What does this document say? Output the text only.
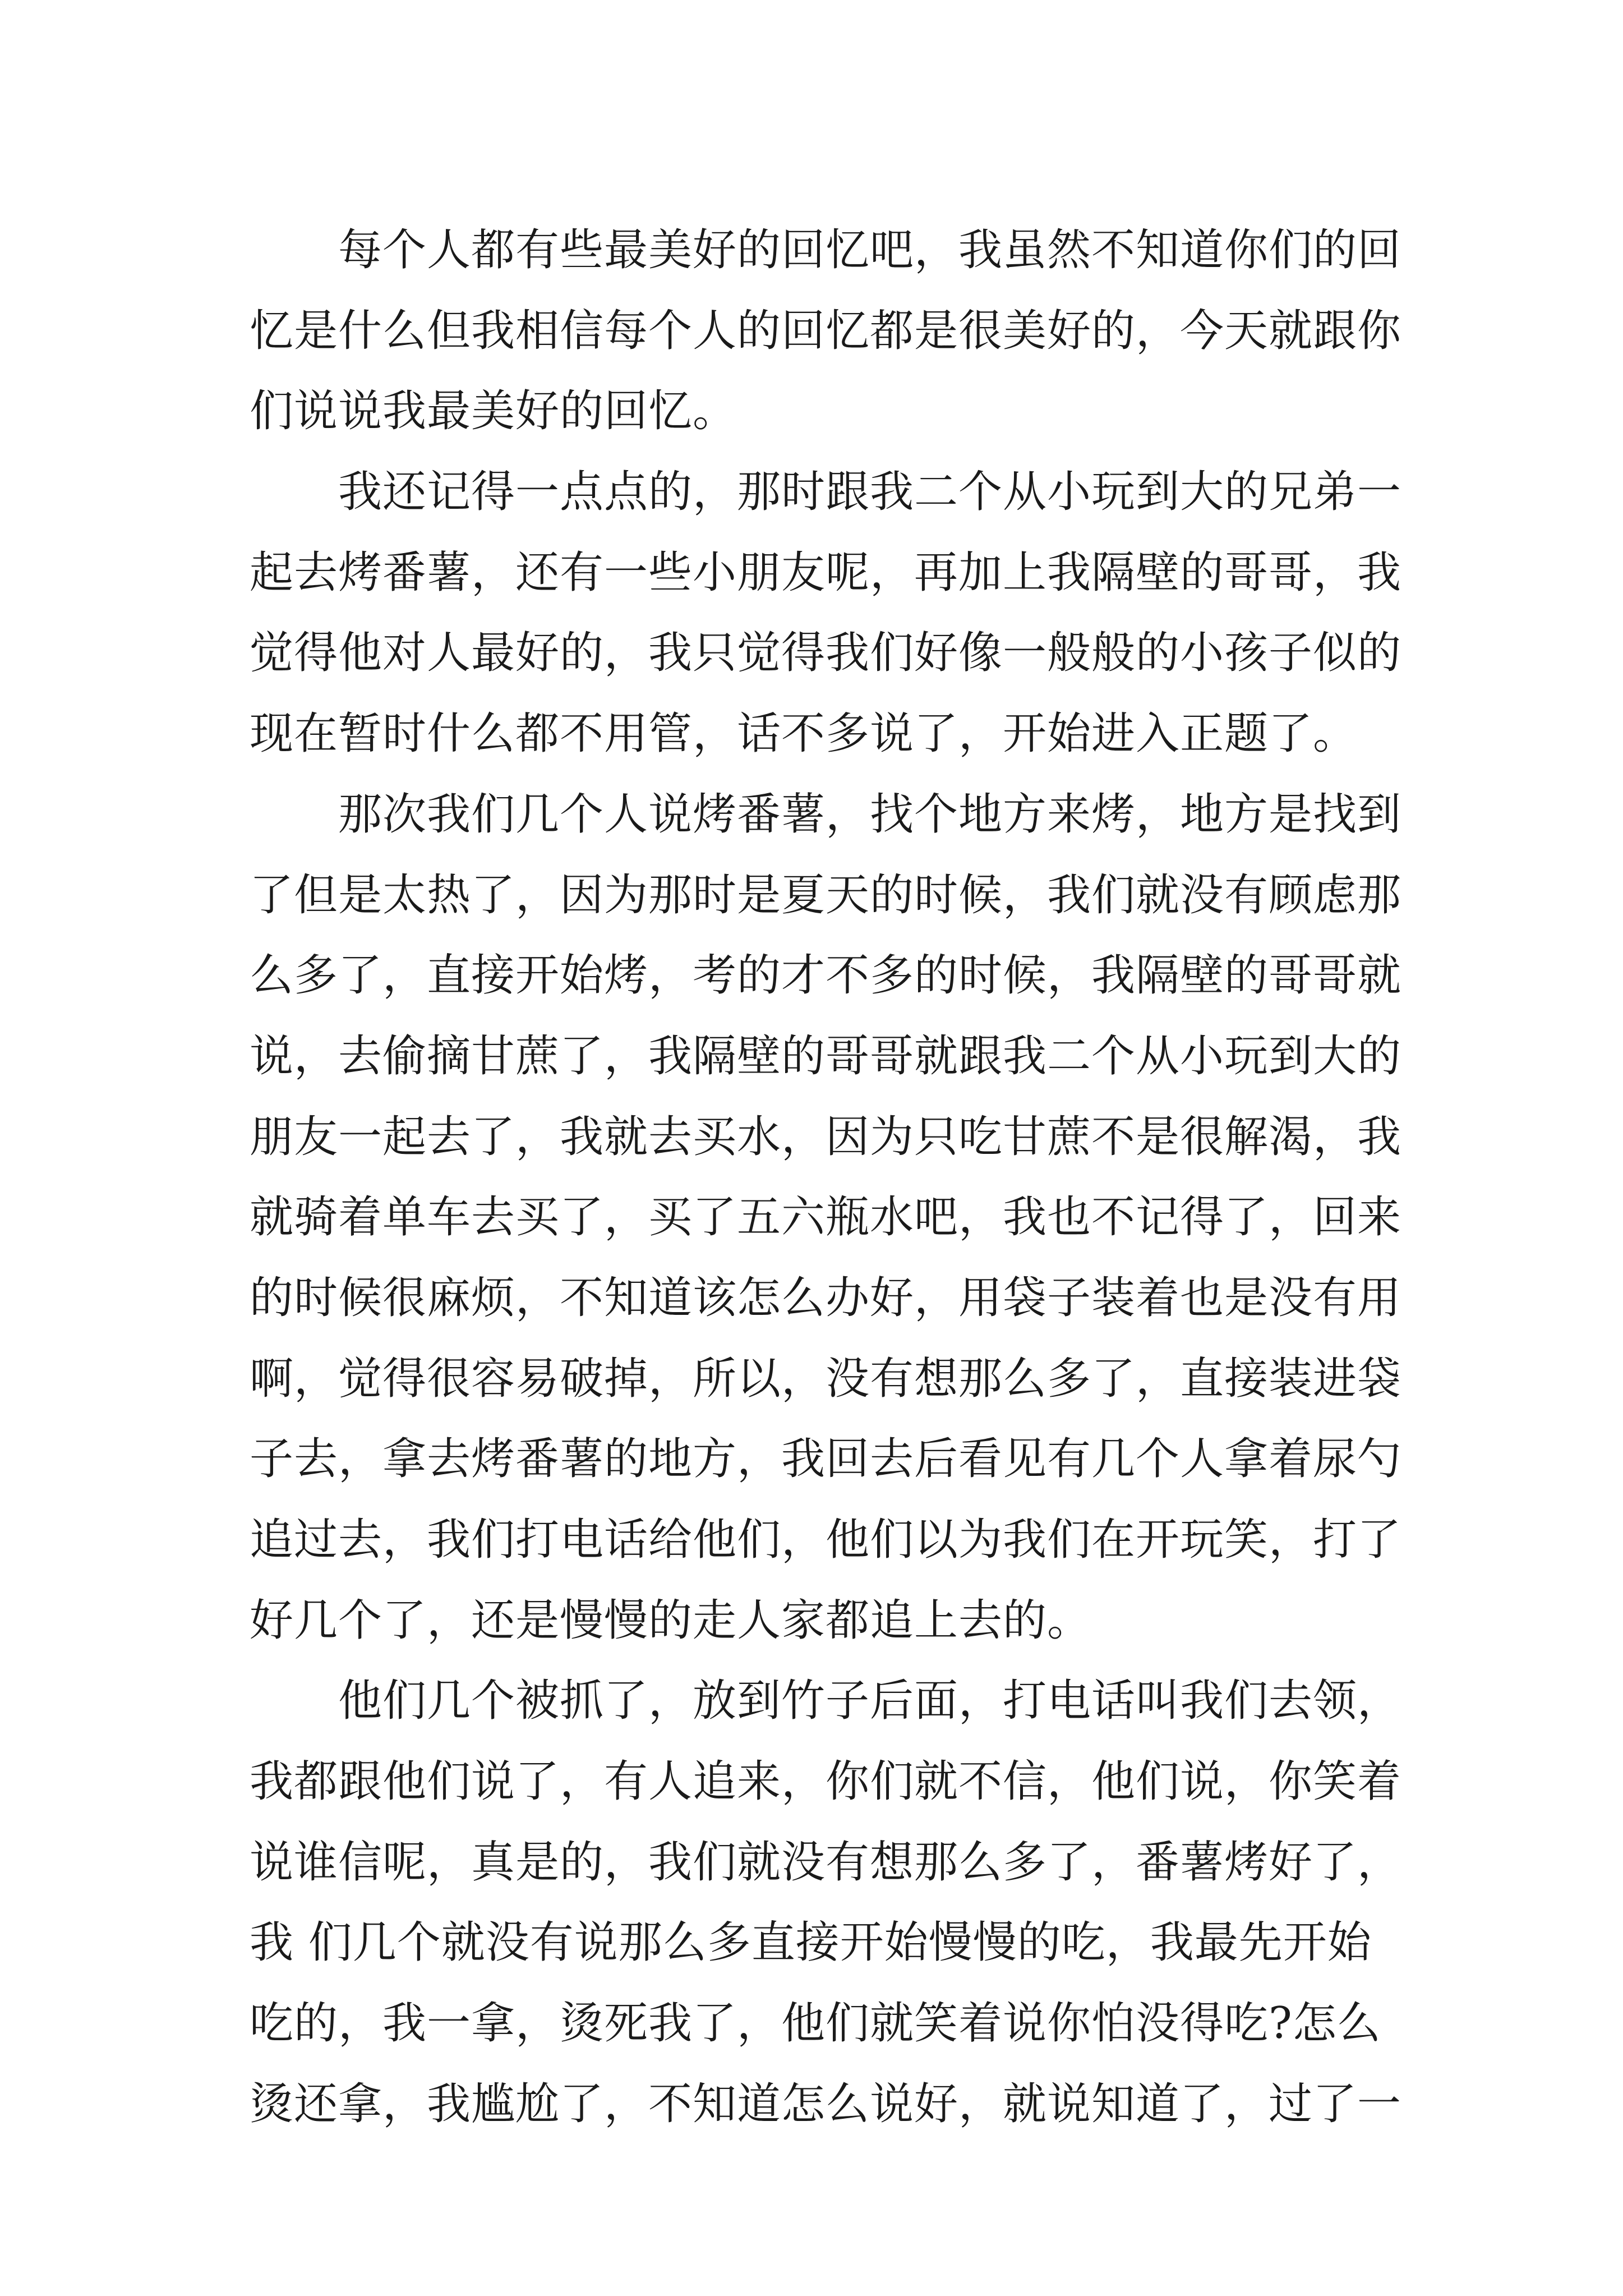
　　每个人都有些最美好的回忆吧，我虽然不知道你们的回
忆是什么但我相信每个人的回忆都是很美好的，今天就跟你
们说说我最美好的回忆。
　　我还记得一点点的，那时跟我二个从小玩到大的兄弟一
起去烤番薯，还有一些小朋友呢，再加上我隔壁的哥哥，我
觉得他对人最好的，我只觉得我们好像一般般的小孩子似的
现在暂时什么都不用管，话不多说了，开始进入正题了。
　　那次我们几个人说烤番薯，找个地方来烤，地方是找到
了但是太热了，因为那时是夏天的时候，我们就没有顾虑那
么多了，直接开始烤，考的才不多的时候，我隔壁的哥哥就
说，去偷摘甘蔗了，我隔壁的哥哥就跟我二个从小玩到大的
朋友一起去了，我就去买水，因为只吃甘蔗不是很解渴，我
就骑着单车去买了，买了五六瓶水吧，我也不记得了，回来
的时候很麻烦，不知道该怎么办好，用袋子装着也是没有用
啊，觉得很容易破掉，所以，没有想那么多了，直接装进袋
子去，拿去烤番薯的地方，我回去后看见有几个人拿着尿勺
追过去，我们打电话给他们，他们以为我们在开玩笑，打了
好几个了，还是慢慢的走人家都追上去的。
　　他们几个被抓了，放到竹子后面，打电话叫我们去领，
我都跟他们说了，有人追来，你们就不信，他们说，你笑着
说谁信呢，真是的，我们就没有想那么多了，番薯烤好了，
我 们几个就没有说那么多直接开始慢慢的吃，我最先开始
吃的，我一拿，烫死我了，他们就笑着说你怕没得吃?怎么
烫还拿，我尴尬了，不知道怎么说好，就说知道了，过了一
